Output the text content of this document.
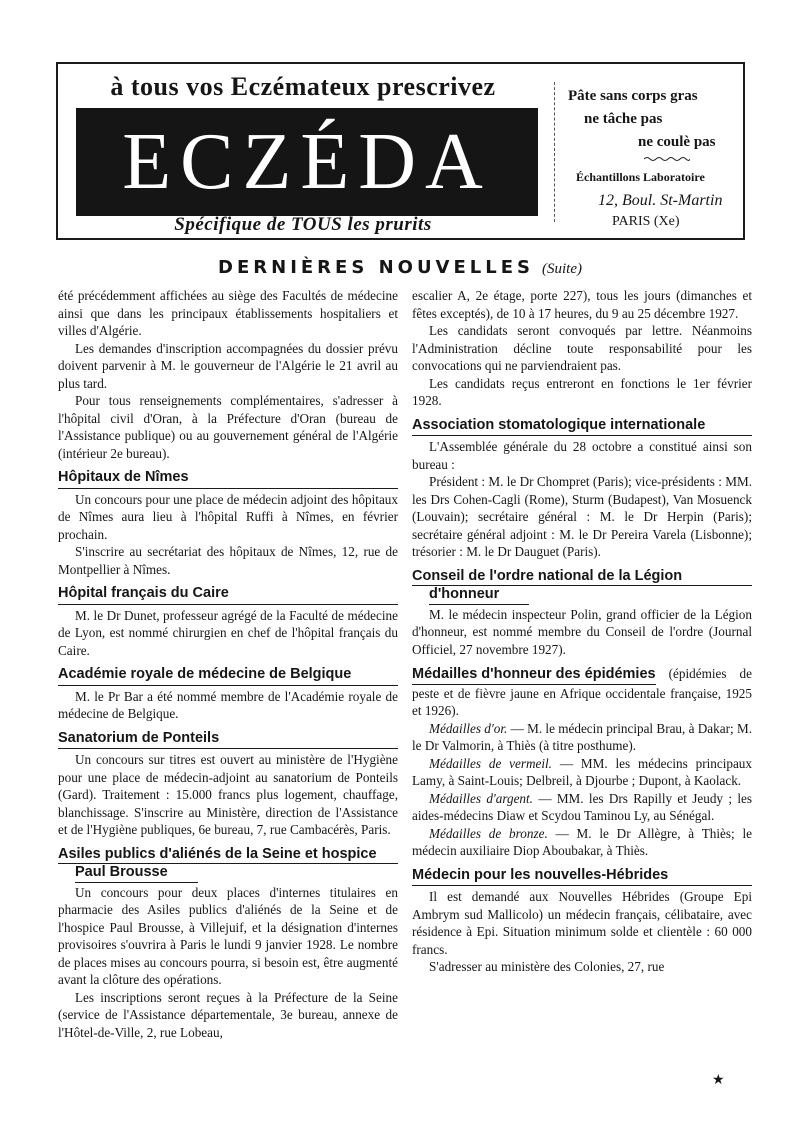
à tous vos Eczémateux prescrivez
ECZÉDA
Spécifique de TOUS les prurits
Pâte sans corps gras
ne tâche pas
ne coulè pas
Échantillons Laboratoire
12, Boul. St-Martin
PARIS (Xe)
DERNIÈRES NOUVELLES (Suite)

été précédemment affichées au siège des Facultés de médecine ainsi que dans les principaux établissements hospitaliers et villes d'Algérie.

Les demandes d'inscription accompagnées du dossier prévu doivent parvenir à M. le gouverneur de l'Algérie le 21 avril au plus tard.

Pour tous renseignements complémentaires, s'adresser à l'hôpital civil d'Oran, à la Préfecture d'Oran (bureau de l'Assistance publique) ou au gouvernement général de l'Algérie (intérieur 2e bureau).

Hôpitaux de Nîmes

Un concours pour une place de médecin adjoint des hôpitaux de Nîmes aura lieu à l'hôpital Ruffi à Nîmes, en février prochain.

S'inscrire au secrétariat des hôpitaux de Nîmes, 12, rue de Montpellier à Nîmes.

Hôpital français du Caire

M. le Dr Dunet, professeur agrégé de la Faculté de médecine de Lyon, est nommé chirurgien en chef de l'hôpital français du Caire.

Académie royale de médecine de Belgique

M. le Pr Bar a été nommé membre de l'Académie royale de médecine de Belgique.

Sanatorium de Ponteils

Un concours sur titres est ouvert au ministère de l'Hygiène pour une place de médecin-adjoint au sanatorium de Ponteils (Gard). Traitement : 15.000 francs plus logement, chauffage, blanchissage. S'inscrire au Ministère, direction de l'Assistance et de l'Hygiène publiques, 6e bureau, 7, rue Cambacérès, Paris.

Asiles publics d'aliénés de la Seine et hospice
Paul Brousse

Un concours pour deux places d'internes titulaires en pharmacie des Asiles publics d'aliénés de la Seine et de l'hospice Paul Brousse, à Villejuif, et la désignation d'internes provisoires s'ouvrira à Paris le lundi 9 janvier 1928. Le nombre de places mises au concours pourra, si besoin est, être augmenté avant la clôture des opérations.

Les inscriptions seront reçues à la Préfecture de la Seine (service de l'Assistance départementale, 3e bureau, annexe de l'Hôtel-de-Ville, 2, rue Lobeau,

escalier A, 2e étage, porte 227), tous les jours (dimanches et fêtes exceptés), de 10 à 17 heures, du 9 au 25 décembre 1927.

Les candidats seront convoqués par lettre. Néanmoins l'Administration décline toute responsabilité pour les convocations qui ne parviendraient pas.

Les candidats reçus entreront en fonctions le 1er février 1928.

Association stomatologique internationale

L'Assemblée générale du 28 octobre a constitué ainsi son bureau :

Président : M. le Dr Chompret (Paris); vice-présidents : MM. les Drs Cohen-Cagli (Rome), Sturm (Budapest), Van Mosuenck (Louvain); secrétaire général : M. le Dr Herpin (Paris); secrétaire général adjoint : M. le Dr Pereira Varela (Lisbonne); trésorier : M. le Dr Dauguet (Paris).

Conseil de l'ordre national de la Légion
d'honneur

M. le médecin inspecteur Polin, grand officier de la Légion d'honneur, est nommé membre du Conseil de l'ordre (Journal Officiel, 27 novembre 1927).

Médailles d'honneur des épidémies (épidémies de peste et de fièvre jaune en Afrique occidentale française, 1925 et 1926).

Médailles d'or. — M. le médecin principal Brau, à Dakar; M. le Dr Valmorin, à Thiès (à titre posthume).

Médailles de vermeil. — MM. les médecins principaux Lamy, à Saint-Louis; Delbreil, à Djourbe ; Dupont, à Kaolack.

Médailles d'argent. — MM. les Drs Rapilly et Jeudy ; les aides-médecins Diaw et Scydou Taminou Ly, au Sénégal.

Médailles de bronze. — M. le Dr Allègre, à Thiès; le médecin auxiliaire Diop Aboubakar, à Thiès.

Médecin pour les nouvelles-Hébrides

Il est demandé aux Nouvelles Hébrides (Groupe Epi Ambrym sud Mallicolo) un médecin français, célibataire, avec résidence à Epi. Situation minimum solde et clientèle : 60 000 francs.

S'adresser au ministère des Colonies, 27, rue

★
